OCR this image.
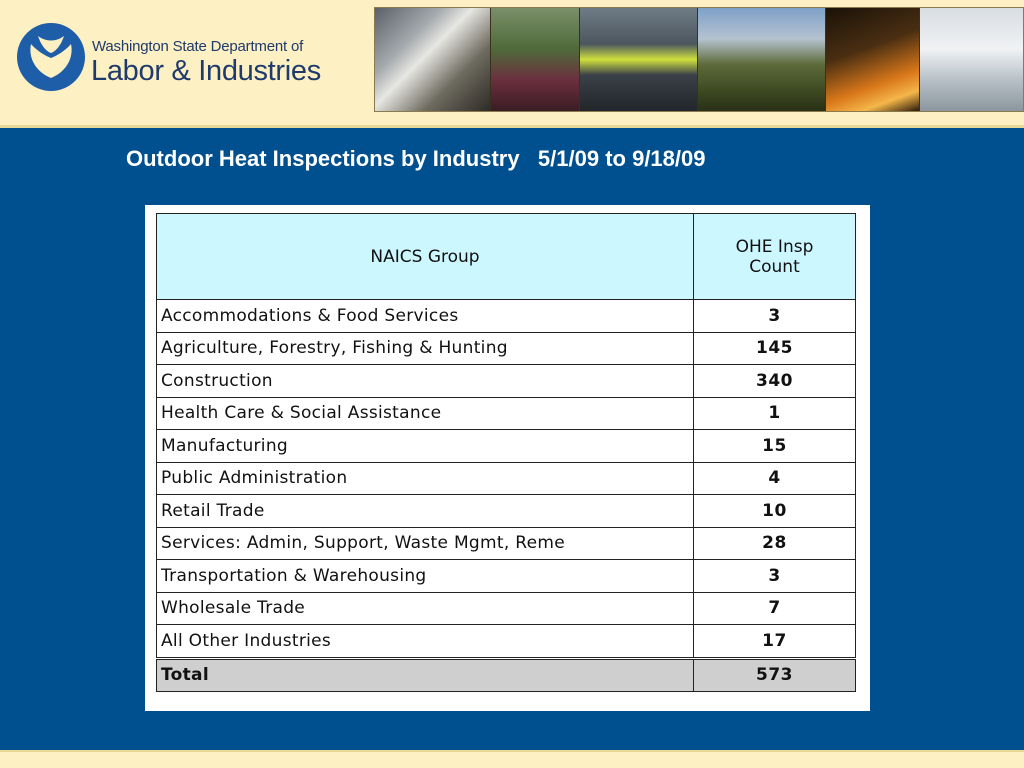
Washington State Department of
Labor & Industries
Outdoor Heat Inspections by Industry   5/1/09 to 9/18/09
NAICS Group	OHE Insp
Count
Accommodations & Food Services	3
Agriculture, Forestry, Fishing & Hunting	145
Construction	340
Health Care & Social Assistance	1
Manufacturing	15
Public Administration	4
Retail Trade	10
Services: Admin, Support, Waste Mgmt, Reme	28
Transportation & Warehousing	3
Wholesale Trade	7
All Other Industries	17
Total	573
